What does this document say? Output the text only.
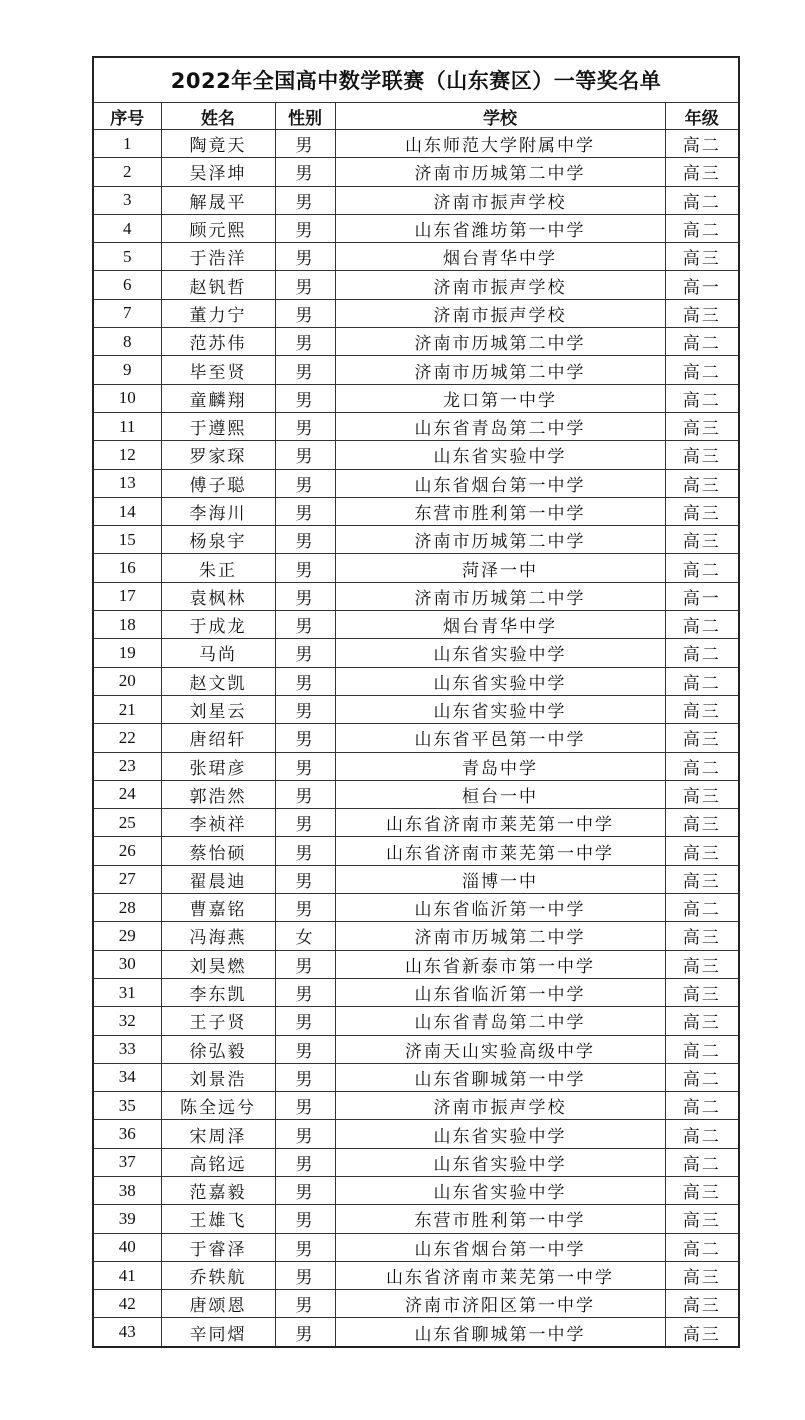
2022年全国高中数学联赛（山东赛区）一等奖名单				
序号	姓名	性别	学校	年级
1	陶竟天	男	山东师范大学附属中学	高二
2	吴泽坤	男	济南市历城第二中学	高三
3	解晟平	男	济南市振声学校	高二
4	顾元熙	男	山东省潍坊第一中学	高二
5	于浩洋	男	烟台青华中学	高三
6	赵钒哲	男	济南市振声学校	高一
7	董力宁	男	济南市振声学校	高三
8	范苏伟	男	济南市历城第二中学	高二
9	毕至贤	男	济南市历城第二中学	高二
10	童麟翔	男	龙口第一中学	高二
11	于遵熙	男	山东省青岛第二中学	高三
12	罗家琛	男	山东省实验中学	高三
13	傅子聪	男	山东省烟台第一中学	高三
14	李海川	男	东营市胜利第一中学	高三
15	杨泉宇	男	济南市历城第二中学	高三
16	朱正	男	菏泽一中	高二
17	袁枫林	男	济南市历城第二中学	高一
18	于成龙	男	烟台青华中学	高二
19	马尚	男	山东省实验中学	高二
20	赵文凯	男	山东省实验中学	高二
21	刘星云	男	山东省实验中学	高三
22	唐绍轩	男	山东省平邑第一中学	高三
23	张珺彦	男	青岛中学	高二
24	郭浩然	男	桓台一中	高三
25	李祯祥	男	山东省济南市莱芜第一中学	高三
26	蔡怡硕	男	山东省济南市莱芜第一中学	高三
27	翟晨迪	男	淄博一中	高三
28	曹嘉铭	男	山东省临沂第一中学	高二
29	冯海燕	女	济南市历城第二中学	高三
30	刘昊燃	男	山东省新泰市第一中学	高三
31	李东凯	男	山东省临沂第一中学	高三
32	王子贤	男	山东省青岛第二中学	高三
33	徐弘毅	男	济南天山实验高级中学	高二
34	刘景浩	男	山东省聊城第一中学	高二
35	陈全远兮	男	济南市振声学校	高二
36	宋周泽	男	山东省实验中学	高二
37	高铭远	男	山东省实验中学	高二
38	范嘉毅	男	山东省实验中学	高三
39	王雄飞	男	东营市胜利第一中学	高三
40	于睿泽	男	山东省烟台第一中学	高二
41	乔轶航	男	山东省济南市莱芜第一中学	高三
42	唐颂恩	男	济南市济阳区第一中学	高三
43	辛同熠	男	山东省聊城第一中学	高三
